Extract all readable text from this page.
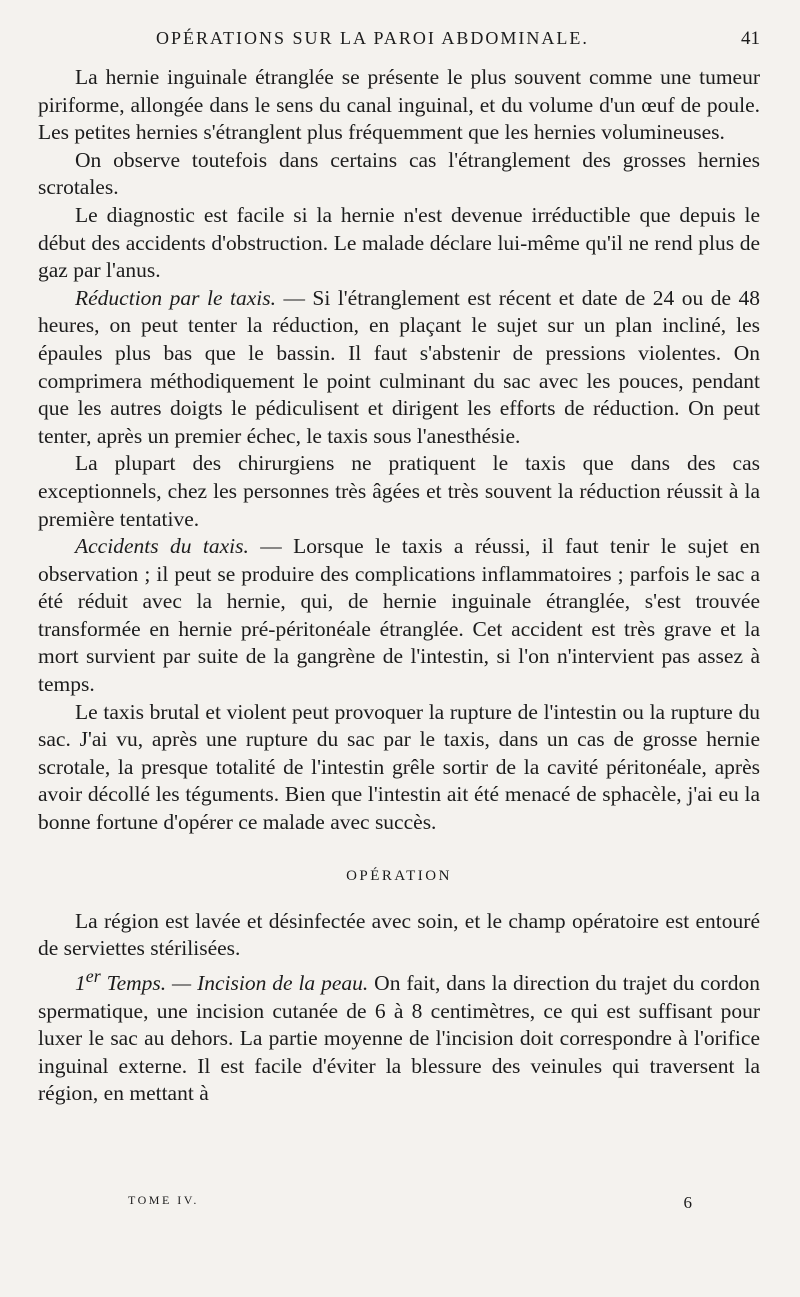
OPÉRATIONS SUR LA PAROI ABDOMINALE.	41

La hernie inguinale étranglée se présente le plus souvent comme une tumeur piriforme, allongée dans le sens du canal inguinal, et du volume d'un œuf de poule. Les petites hernies s'étranglent plus fréquemment que les hernies volumineuses.

On observe toutefois dans certains cas l'étranglement des grosses hernies scrotales.

Le diagnostic est facile si la hernie n'est devenue irréductible que depuis le début des accidents d'obstruction. Le malade déclare lui-même qu'il ne rend plus de gaz par l'anus.

Réduction par le taxis. — Si l'étranglement est récent et date de 24 ou de 48 heures, on peut tenter la réduction, en plaçant le sujet sur un plan incliné, les épaules plus bas que le bassin. Il faut s'abstenir de pressions violentes. On comprimera méthodiquement le point culminant du sac avec les pouces, pendant que les autres doigts le pédiculisent et dirigent les efforts de réduction. On peut tenter, après un premier échec, le taxis sous l'anesthésie.

La plupart des chirurgiens ne pratiquent le taxis que dans des cas exceptionnels, chez les personnes très âgées et très souvent la réduction réussit à la première tentative.

Accidents du taxis. — Lorsque le taxis a réussi, il faut tenir le sujet en observation ; il peut se produire des complications inflammatoires ; parfois le sac a été réduit avec la hernie, qui, de hernie inguinale étranglée, s'est trouvée transformée en hernie pré-péritonéale étranglée. Cet accident est très grave et la mort survient par suite de la gangrène de l'intestin, si l'on n'intervient pas assez à temps.

Le taxis brutal et violent peut provoquer la rupture de l'intestin ou la rupture du sac. J'ai vu, après une rupture du sac par le taxis, dans un cas de grosse hernie scrotale, la presque totalité de l'intestin grêle sortir de la cavité péritonéale, après avoir décollé les téguments. Bien que l'intestin ait été menacé de sphacèle, j'ai eu la bonne fortune d'opérer ce malade avec succès.

OPÉRATION

La région est lavée et désinfectée avec soin, et le champ opératoire est entouré de serviettes stérilisées.

1er Temps. — Incision de la peau. On fait, dans la direction du trajet du cordon spermatique, une incision cutanée de 6 à 8 centimètres, ce qui est suffisant pour luxer le sac au dehors. La partie moyenne de l'incision doit correspondre à l'orifice inguinal externe. Il est facile d'éviter la blessure des veinules qui traversent la région, en mettant à

TOME IV.	6
